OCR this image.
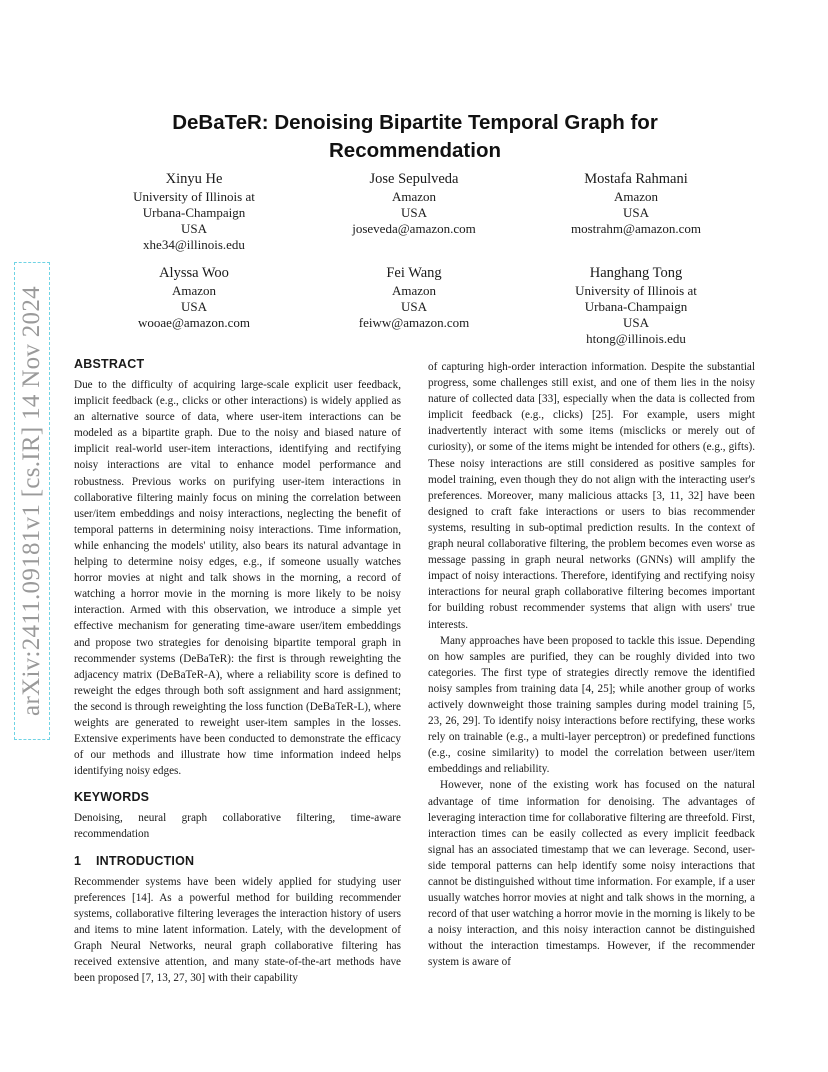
arXiv:2411.09181v1 [cs.IR] 14 Nov 2024
DeBaTeR: Denoising Bipartite Temporal Graph for Recommendation
Xinyu He
University of Illinois at
Urbana-Champaign
USA
xhe34@illinois.edu
Jose Sepulveda
Amazon
USA
joseveda@amazon.com
Mostafa Rahmani
Amazon
USA
mostrahm@amazon.com
Alyssa Woo
Amazon
USA
wooae@amazon.com
Fei Wang
Amazon
USA
feiww@amazon.com
Hanghang Tong
University of Illinois at
Urbana-Champaign
USA
htong@illinois.edu
ABSTRACT

Due to the difficulty of acquiring large-scale explicit user feedback, implicit feedback (e.g., clicks or other interactions) is widely applied as an alternative source of data, where user-item interactions can be modeled as a bipartite graph. Due to the noisy and biased nature of implicit real-world user-item interactions, identifying and rectifying noisy interactions are vital to enhance model performance and robustness. Previous works on purifying user-item interactions in collaborative filtering mainly focus on mining the correlation between user/item embeddings and noisy interactions, neglecting the benefit of temporal patterns in determining noisy interactions. Time information, while enhancing the models' utility, also bears its natural advantage in helping to determine noisy edges, e.g., if someone usually watches horror movies at night and talk shows in the morning, a record of watching a horror movie in the morning is more likely to be noisy interaction. Armed with this observation, we introduce a simple yet effective mechanism for generating time-aware user/item embeddings and propose two strategies for denoising bipartite temporal graph in recommender systems (DeBaTeR): the first is through reweighting the adjacency matrix (DeBaTeR-A), where a reliability score is defined to reweight the edges through both soft assignment and hard assignment; the second is through reweighting the loss function (DeBaTeR-L), where weights are generated to reweight user-item samples in the losses. Extensive experiments have been conducted to demonstrate the efficacy of our methods and illustrate how time information indeed helps identifying noisy edges.

KEYWORDS

Denoising, neural graph collaborative filtering, time-aware recommendation

1 INTRODUCTION

Recommender systems have been widely applied for studying user preferences [14]. As a powerful method for building recommender systems, collaborative filtering leverages the interaction history of users and items to mine latent information. Lately, with the development of Graph Neural Networks, neural graph collaborative filtering has received extensive attention, and many state-of-the-art methods have been proposed [7, 13, 27, 30] with their capability

of capturing high-order interaction information. Despite the substantial progress, some challenges still exist, and one of them lies in the noisy nature of collected data [33], especially when the data is collected from implicit feedback (e.g., clicks) [25]. For example, users might inadvertently interact with some items (misclicks or merely out of curiosity), or some of the items might be intended for others (e.g., gifts). These noisy interactions are still considered as positive samples for model training, even though they do not align with the interacting user's preferences. Moreover, many malicious attacks [3, 11, 32] have been designed to craft fake interactions or users to bias recommender systems, resulting in sub-optimal prediction results. In the context of graph neural collaborative filtering, the problem becomes even worse as message passing in graph neural networks (GNNs) will amplify the impact of noisy interactions. Therefore, identifying and rectifying noisy interactions for neural graph collaborative filtering becomes important for building robust recommender systems that align with users' true interests.

Many approaches have been proposed to tackle this issue. Depending on how samples are purified, they can be roughly divided into two categories. The first type of strategies directly remove the identified noisy samples from training data [4, 25]; while another group of works actively downweight those training samples during model training [5, 23, 26, 29]. To identify noisy interactions before rectifying, these works rely on trainable (e.g., a multi-layer perceptron) or predefined functions (e.g., cosine similarity) to model the correlation between user/item embeddings and reliability.

However, none of the existing work has focused on the natural advantage of time information for denoising. The advantages of leveraging interaction time for collaborative filtering are threefold. First, interaction times can be easily collected as every implicit feedback signal has an associated timestamp that we can leverage. Second, user-side temporal patterns can help identify some noisy interactions that cannot be distinguished without time information. For example, if a user usually watches horror movies at night and talk shows in the morning, a record of that user watching a horror movie in the morning is likely to be a noisy interaction, and this noisy interaction cannot be distinguished without the interaction timestamps. However, if the recommender system is aware of
